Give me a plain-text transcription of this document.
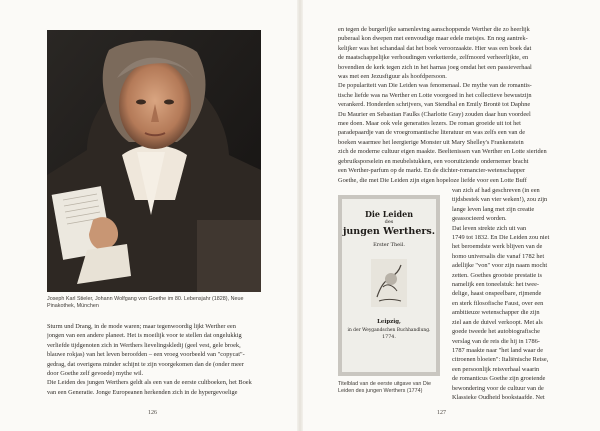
Joseph Karl Stieler, Johann Wolfgang von Goethe im 80. Lebensjahr (1828), Neue Pinakothek, München
Sturm und Drang, in de mode waren; maar tegenwoordig lijkt Werther een
jongen van een andere planeet. Het is moeilijk voor te stellen dat ongelukkig
verliefde tijdgenoten zich in Werthers lievelingskledij (geel vest, gele broek,
blauwe rokjas) van het leven beroofden – een vroeg voorbeeld van "copycat"-
gedrag, dat overigens minder schijnt te zijn voorgekomen dan de (onder meer
door Goethe zelf gevoede) mythe wil.
Die Leiden des jungen Werthers geldt als een van de eerste cultboeken, het Boek
van een Generatie. Jonge Europeanen herkenden zich in de hypergevoelige
126
en tegen de burgerlijke samenleving aanschoppende Werther die zo heerlijk
puberaal kon dwepen met eenvoudige maar edele meisjes. En nog aantrek-
kelijker was het schandaal dat het boek veroorzaakte. Hier was een boek dat
de maatschappelijke verhoudingen verketterde, zelfmoord verheerlijkte, en
bovendien de kerk tegen zich in het harnas joeg omdat het een passieverhaal
was met een Jezusfiguur als hoofdpersoon.
De populariteit van Die Leiden was fenomenaal. De mythe van de romantis-
tische liefde was na Werther en Lotte voorgoed in het collectieve bewustzijn
verankerd. Honderden schrijvers, van Stendhal en Emily Brontë tot Daphne
Du Maurier en Sebastian Faulks (Charlotte Gray) zouden daar hun voordeel
mee doen. Maar ook vele generaties lezers. De roman groeide uit tot het
paradepaardje van de vroegromantische literatuur en was zelfs een van de
boeken waarmee het leergierige Monster uit Mary Shelley's Frankenstein
zich de moderne cultuur eigen maakte. Beeltenissen van Werther en Lotte sieriden
gebruiksporselein en meubelstukken, een vooruitziende ondernemer bracht
een Werther-parfum op de markt. En de dichter-romancier-wetenschapper
Goethe, die met Die Leiden zijn eigen hopeloze liefde voor een Lotte Buff
Die Leiden
des
jungen Werthers.
Erster Theil.
Leipzig,
in der Weygandschen Buchhandlung.
1774.
van zich af had geschreven (in een
tijdsbestek van vier weken!), zou zijn
lange leven lang met zijn creatie
geassocieerd worden.
Dat leven strekte zich uit van
1749 tot 1832. En Die Leiden zou niet
het beroemdste werk blijven van de
homo universalis die vanaf 1782 het
adellijke "von" voor zijn naam mocht
zetten. Goethes grootste prestatie is
namelijk een toneelstuk: het twee-
delige, haast onspeelbare, rijmende
en sterk filosofische Faust, over een
ambitieuze wetenschapper die zijn
ziel aan de duivel verkoopt. Met als
goede tweede het autobiografische
verslag van de reis die hij in 1786-
1787 maakte naar "het land waar de
citroenen bloeien": Italiënische Reise,
een persoonlijk reisverhaal waarin
de romanticus Goethe zijn groeiende
bewondering voor de cultuur van de
Klassieke Oudheid bookstaafde. Net
Titelblad van de eerste uitgave van Die Leiden des jungen Werthers (1774)
127
